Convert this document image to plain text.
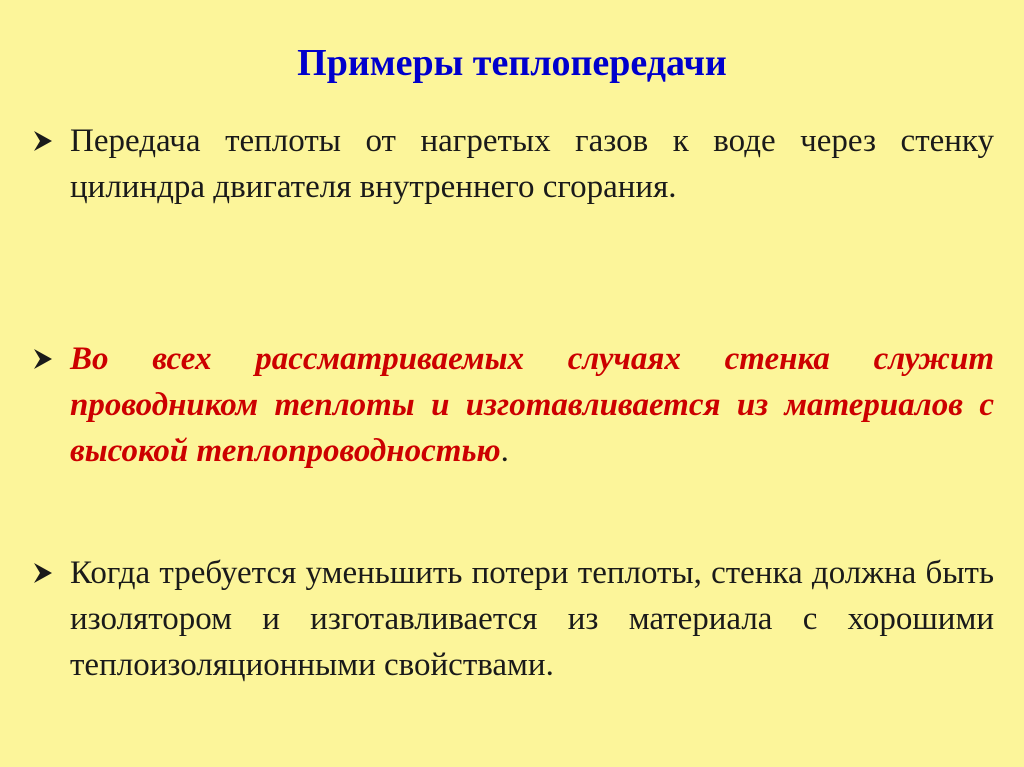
Примеры теплопередачи
Передача теплоты от нагретых газов к воде через стенку цилиндра двигателя внутреннего сгорания.
Во всех рассматриваемых случаях стенка служит проводником теплоты и изготавливается из материалов с высокой теплопроводностью.
Когда требуется уменьшить потери теплоты, стенка должна быть изолятором и изготавливается из материала с хорошими теплоизоляционными свойствами.
